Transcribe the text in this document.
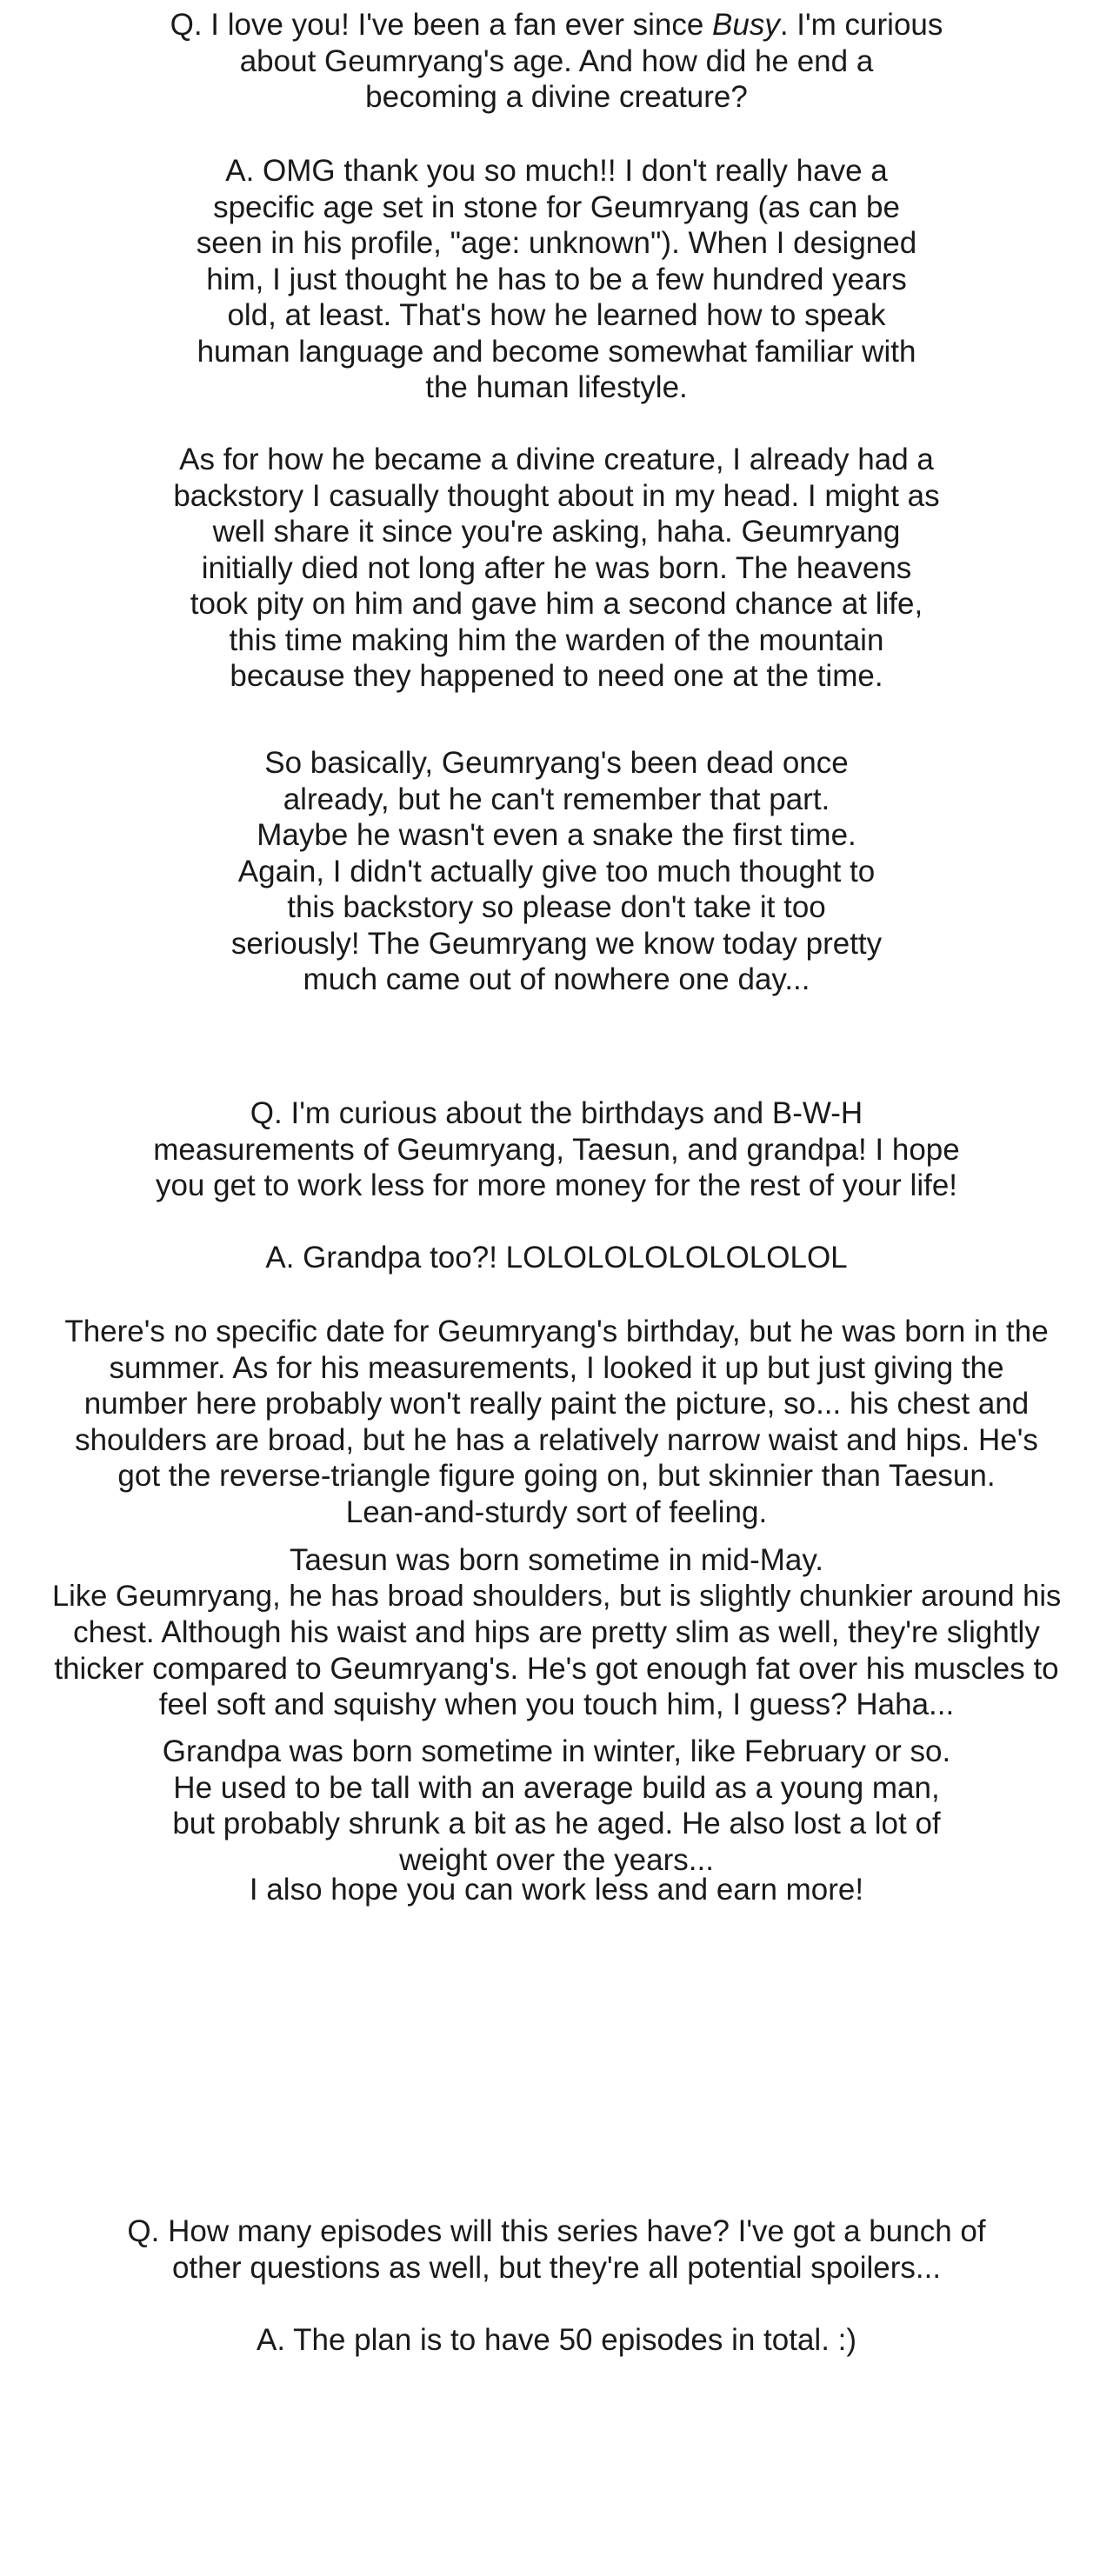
Q. I love you! I've been a fan ever since Busy. I'm curious
about Geumryang's age. And how did he end a
becoming a divine creature?
A. OMG thank you so much!! I don't really have a
specific age set in stone for Geumryang (as can be
seen in his profile, "age: unknown"). When I designed
him, I just thought he has to be a few hundred years
old, at least. That's how he learned how to speak
human language and become somewhat familiar with
the human lifestyle.
As for how he became a divine creature, I already had a
backstory I casually thought about in my head. I might as
well share it since you're asking, haha. Geumryang
initially died not long after he was born. The heavens
took pity on him and gave him a second chance at life,
this time making him the warden of the mountain
because they happened to need one at the time.
So basically, Geumryang's been dead once
already, but he can't remember that part.
Maybe he wasn't even a snake the first time.
Again, I didn't actually give too much thought to
this backstory so please don't take it too
seriously! The Geumryang we know today pretty
much came out of nowhere one day...
Q. I'm curious about the birthdays and B-W-H
measurements of Geumryang, Taesun, and grandpa! I hope
you get to work less for more money for the rest of your life!
A. Grandpa too?! LOLOLOLOLOLOLOLOL
There's no specific date for Geumryang's birthday, but he was born in the
summer. As for his measurements, I looked it up but just giving the
number here probably won't really paint the picture, so... his chest and
shoulders are broad, but he has a relatively narrow waist and hips. He's
got the reverse-triangle figure going on, but skinnier than Taesun.
Lean-and-sturdy sort of feeling.
Taesun was born sometime in mid-May.
Like Geumryang, he has broad shoulders, but is slightly chunkier around his
chest. Although his waist and hips are pretty slim as well, they're slightly
thicker compared to Geumryang's. He's got enough fat over his muscles to
feel soft and squishy when you touch him, I guess? Haha...
Grandpa was born sometime in winter, like February or so.
He used to be tall with an average build as a young man,
but probably shrunk a bit as he aged. He also lost a lot of
weight over the years...
I also hope you can work less and earn more!
Q. How many episodes will this series have? I've got a bunch of
other questions as well, but they're all potential spoilers...
A. The plan is to have 50 episodes in total. :)
